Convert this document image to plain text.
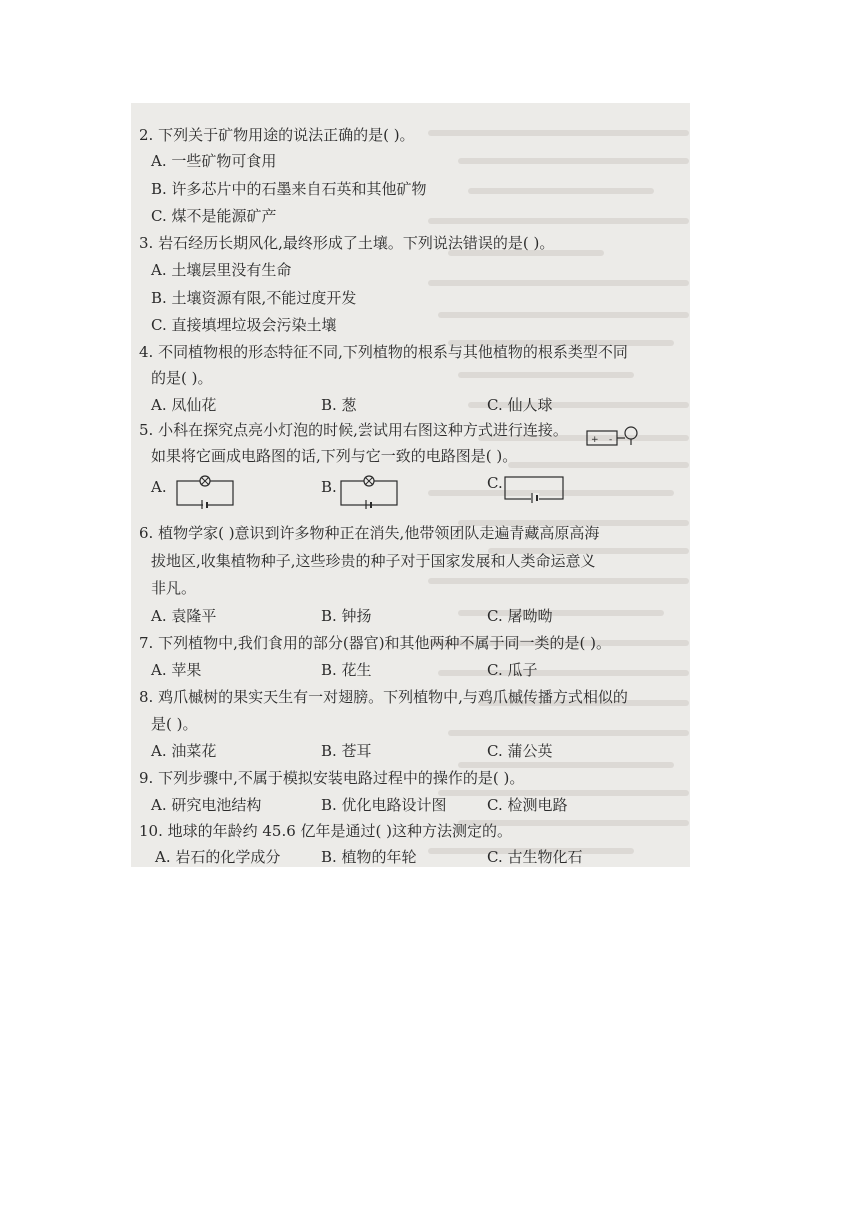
2. 下列关于矿物用途的说法正确的是( )。
A. 一些矿物可食用
B. 许多芯片中的石墨来自石英和其他矿物
C. 煤不是能源矿产
3. 岩石经历长期风化,最终形成了土壤。下列说法错误的是( )。
A. 土壤层里没有生命
B. 土壤资源有限,不能过度开发
C. 直接填埋垃圾会污染土壤
4. 不同植物根的形态特征不同,下列植物的根系与其他植物的根系类型不同
的是( )。
A. 凤仙花	B. 葱	C. 仙人球
5. 小科在探究点亮小灯泡的时候,尝试用右图这种方式进行连接。
+ -
如果将它画成电路图的话,下列与它一致的电路图是( )。
A.	B.	C.
6. 植物学家( )意识到许多物种正在消失,他带领团队走遍青藏高原高海
拔地区,收集植物种子,这些珍贵的种子对于国家发展和人类命运意义
非凡。
A. 袁隆平	B. 钟扬	C. 屠呦呦
7. 下列植物中,我们食用的部分(器官)和其他两种不属于同一类的是( )。
A. 苹果	B. 花生	C. 瓜子
8. 鸡爪槭树的果实天生有一对翅膀。下列植物中,与鸡爪槭传播方式相似的
是( )。
A. 油菜花	B. 苍耳	C. 蒲公英
9. 下列步骤中,不属于模拟安装电路过程中的操作的是( )。
A. 研究电池结构	B. 优化电路设计图	C. 检测电路
10. 地球的年龄约 45.6 亿年是通过( )这种方法测定的。
A. 岩石的化学成分	B. 植物的年轮	C. 古生物化石
